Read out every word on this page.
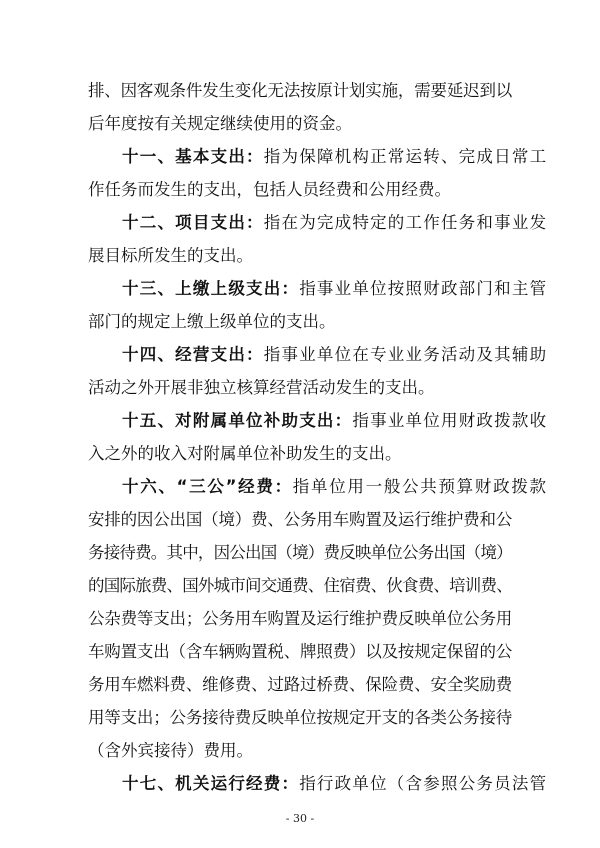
排、因客观条件发生变化无法按原计划实施，需要延迟到以
后年度按有关规定继续使用的资金。
十一、基本支出：指为保障机构正常运转、完成日常工
作任务而发生的支出，包括人员经费和公用经费。
十二、项目支出：指在为完成特定的工作任务和事业发
展目标所发生的支出。
十三、上缴上级支出：指事业单位按照财政部门和主管
部门的规定上缴上级单位的支出。
十四、经营支出：指事业单位在专业业务活动及其辅助
活动之外开展非独立核算经营活动发生的支出。
十五、对附属单位补助支出：指事业单位用财政拨款收
入之外的收入对附属单位补助发生的支出。
十六、“三公”经费：指单位用一般公共预算财政拨款
安排的因公出国（境）费、公务用车购置及运行维护费和公
务接待费。其中，因公出国（境）费反映单位公务出国（境）
的国际旅费、国外城市间交通费、住宿费、伙食费、培训费、
公杂费等支出；公务用车购置及运行维护费反映单位公务用
车购置支出（含车辆购置税、牌照费）以及按规定保留的公
务用车燃料费、维修费、过路过桥费、保险费、安全奖励费
用等支出；公务接待费反映单位按规定开支的各类公务接待
（含外宾接待）费用。
十七、机关运行经费：指行政单位（含参照公务员法管
- 30 -
